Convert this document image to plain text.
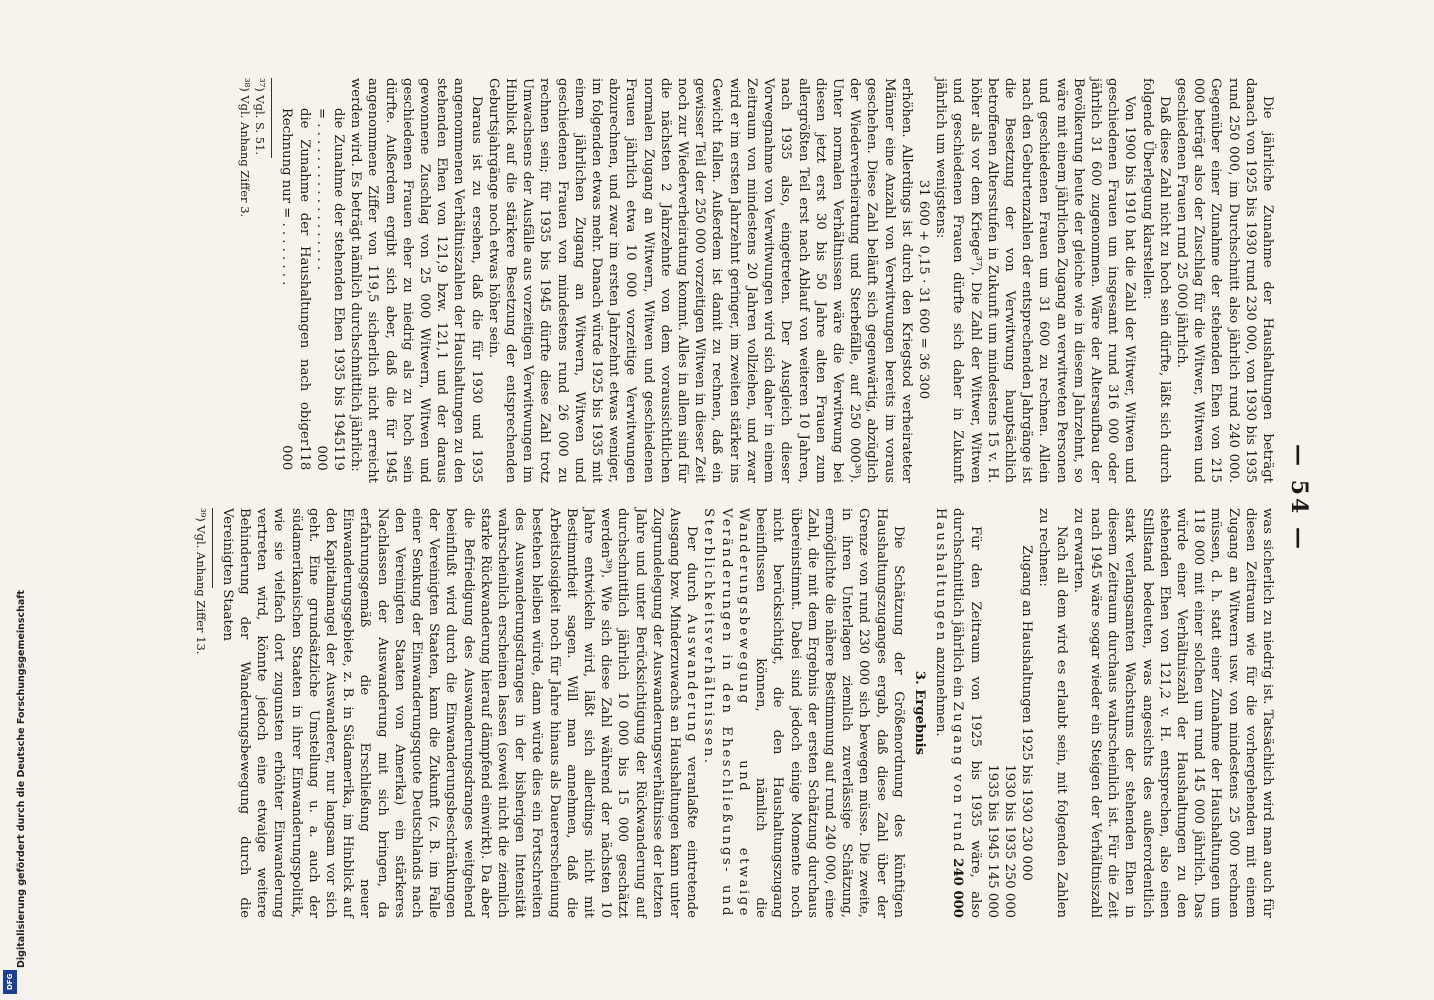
— 54 —

Die jährliche Zunahme der Haushaltungen beträgt danach von 1925 bis 1930 rund 230 000, von 1930 bis 1935 rund 250 000, im Durchschnitt also jährlich rund 240 000. Gegenüber einer Zunahme der stehenden Ehen von 215 000 beträgt also der Zuschlag für die Witwer, Witwen und geschiedenen Frauen rund 25 000 jährlich.

Daß diese Zahl nicht zu hoch sein dürfte, läßt sich durch folgende Überlegung klarstellen:

Von 1900 bis 1910 hat die Zahl der Witwer, Witwen und geschiedenen Frauen um insgesamt rund 316 000 oder jährlich 31 600 zugenommen. Wäre der Altersaufbau der Bevölkerung heute der gleiche wie in diesem Jahrzehnt, so wäre mit einem jährlichen Zugang an verwitweten Personen und geschiedenen Frauen um 31 600 zu rechnen. Allein nach den Geburtenzahlen der entsprechenden Jahrgänge ist die Besetzung der von Verwitwung hauptsächlich betroffenen Altersstufen in Zukunft um mindestens 15 v. H. höher als vor dem Kriege³⁷). Die Zahl der Witwer, Witwen und geschiedenen Frauen dürfte sich daher in Zukunft jährlich um wenigstens:

31 600 + 0,15 · 31 600 = 36 300

erhöhen. Allerdings ist durch den Kriegstod verheirateter Männer eine Anzahl von Verwitwungen bereits im voraus geschehen. Diese Zahl beläuft sich gegenwärtig, abzüglich der Wiederverheiratung und Sterbefälle, auf 250 000³⁸). Unter normalen Verhältnissen wäre die Verwitwung bei diesen jetzt erst 30 bis 50 Jahre alten Frauen zum allergrößten Teil erst nach Ablauf von weiteren 10 Jahren, nach 1935 also, eingetreten. Der Ausgleich dieser Vorwegnahme von Verwitwungen wird sich daher in einem Zeitraum von mindestens 20 Jahren vollziehen, und zwar wird er im ersten Jahrzehnt geringer, im zweiten stärker ins Gewicht fallen. Außerdem ist damit zu rechnen, daß ein gewisser Teil der 250 000 vorzeitigen Witwen in dieser Zeit noch zur Wiederverheiratung kommt. Alles in allem sind für die nächsten 2 Jahrzehnte von dem voraussichtlichen normalen Zugang an Witwern, Witwen und geschiedenen Frauen jährlich etwa 10 000 vorzeitige Verwitwungen abzurechnen, und zwar im ersten Jahrzehnt etwas weniger, im folgenden etwas mehr. Danach würde 1925 bis 1935 mit einem jährlichen Zugang an Witwern, Witwen und geschiedenen Frauen von mindestens rund 26 000 zu rechnen sein; für 1935 bis 1945 dürfte diese Zahl trotz Umwachsens der Ausfälle aus vorzeitigen Verwitwungen im Hinblick auf die stärkere Besetzung der entsprechenden Geburtsjahrgänge noch etwas höher sein.

Daraus ist zu ersehen, daß die für 1930 und 1935 angenommenen Verhältniszahlen der Haushaltungen zu den stehenden Ehen von 121,9 bzw. 121,1 und der daraus gewonnene Zuschlag von 25 000 Witwern, Witwen und geschiedenen Frauen eher zu niedrig als zu hoch sein dürfte. Außerdem ergibt sich aber, daß die für 1945 angenommene Ziffer von 119,5 sicherlich nicht erreicht werden wird. Es beträgt nämlich durchschnittlich jährlich:

die Zunahme der stehenden Ehen 1935 bis 1945 = . . . . . . . . . . . . . . . . . .
119 000
die Zunahme der Haushaltungen nach obiger Rechnung nur = . . . . . . . .
118 000

³⁷) Vgl. S. 51.

³⁸) Vgl. Anhang Ziffer 3.

was sicherlich zu niedrig ist. Tatsächlich wird man auch für diesen Zeitraum wie für die vorhergehenden mit einem Zugang an Witwern usw. von mindestens 25 000 rechnen müssen, d. h. statt einer Zunahme der Haushaltungen um 118 000 mit einer solchen um rund 145 000 jährlich. Das würde einer Verhältniszahl der Haushaltungen zu den stehenden Ehen von 121,2 v. H. entsprechen, also einen Stillstand bedeuten, was angesichts des außerordentlich stark verlangsamten Wachstums der stehenden Ehen in diesem Zeitraum durchaus wahrscheinlich ist. Für die Zeit nach 1945 wäre sogar wieder ein Steigen der Verhältniszahl zu erwarten.

Nach all dem wird es erlaubt sein, mit folgenden Zahlen zu rechnen:

Zugang an Haushaltungen 1925 bis 1930 230 000

1930 bis 1935 250 000

1935 bis 1945 145 000

Für den Zeitraum von 1925 bis 1935 wäre, also durchschnittlich jährlich ein Zugang von rund 240 000 Haushaltungen anzunehmen.

3. Ergebnis

Die Schätzung der Größenordnung des künftigen Haushaltungszuganges ergab, daß diese Zahl über der Grenze von rund 230 000 sich bewegen müsse. Die zweite, in ihren Unterlagen ziemlich zuverlässige Schätzung, ermöglichte die nähere Bestimmung auf rund 240 000, eine Zahl, die mit dem Ergebnis der ersten Schätzung durchaus übereinstimmt. Dabei sind jedoch einige Momente noch nicht berücksichtigt, die den Haushaltungszugang beeinflussen können, nämlich die Wanderungsbewegung und etwaige Veränderungen in den Eheschließungs- und Sterblichkeitsverhältnissen.

Der durch Auswanderung veranlaßte eintretende Ausgang bzw. Minderzuwachs an Haushaltungen kann unter Zugrundelegung der Auswanderungsverhältnisse der letzten Jahre und unter Berücksichtigung der Rückwanderung auf durchschnittlich jährlich 10 000 bis 15 000 geschätzt werden³⁹). Wie sich diese Zahl während der nächsten 10 Jahre entwickeln wird, läßt sich allerdings nicht mit Bestimmtheit sagen. Will man annehmen, daß die Arbeitslosigkeit noch für Jahre hinaus als Dauererscheinung bestehen bleiben würde, dann würde dies ein Fortschreiten des Auswanderungsdranges in der bisherigen Intensität wahrscheinlich erscheinen lassen (soweit nicht die ziemlich starke Rückwanderung hierauf dämpfend einwirkt). Da aber die Befriedigung des Auswanderungsdranges weitgehend beeinflußt wird durch die Einwanderungsbeschränkungen der Vereinigten Staaten, kann die Zukunft (z. B. im Falle einer Senkung der Einwanderungsquote Deutschlands nach den Vereinigten Staaten von Amerika) ein stärkeres Nachlassen der Auswanderung mit sich bringen, da erfahrungsgemäß die Erschließung neuer Einwanderungsgebiete, z. B. in Südamerika, im Hinblick auf den Kapitalmangel der Auswanderer, nur langsam vor sich geht. Eine grundsätzliche Umstellung u. a. auch der südamerikanischen Staaten in ihrer Einwanderungspolitik, wie sie vielfach dort zugunsten erhöhter Einwanderung vertreten wird, könnte jedoch eine etwaige weitere Behinderung der Wanderungsbewegung durch die Vereinigten Staaten

³⁹) Vgl. Anhang Ziffer 13.

Digitalisierung gefördert durch die Deutsche Forschungsgemeinschaft
DFG
